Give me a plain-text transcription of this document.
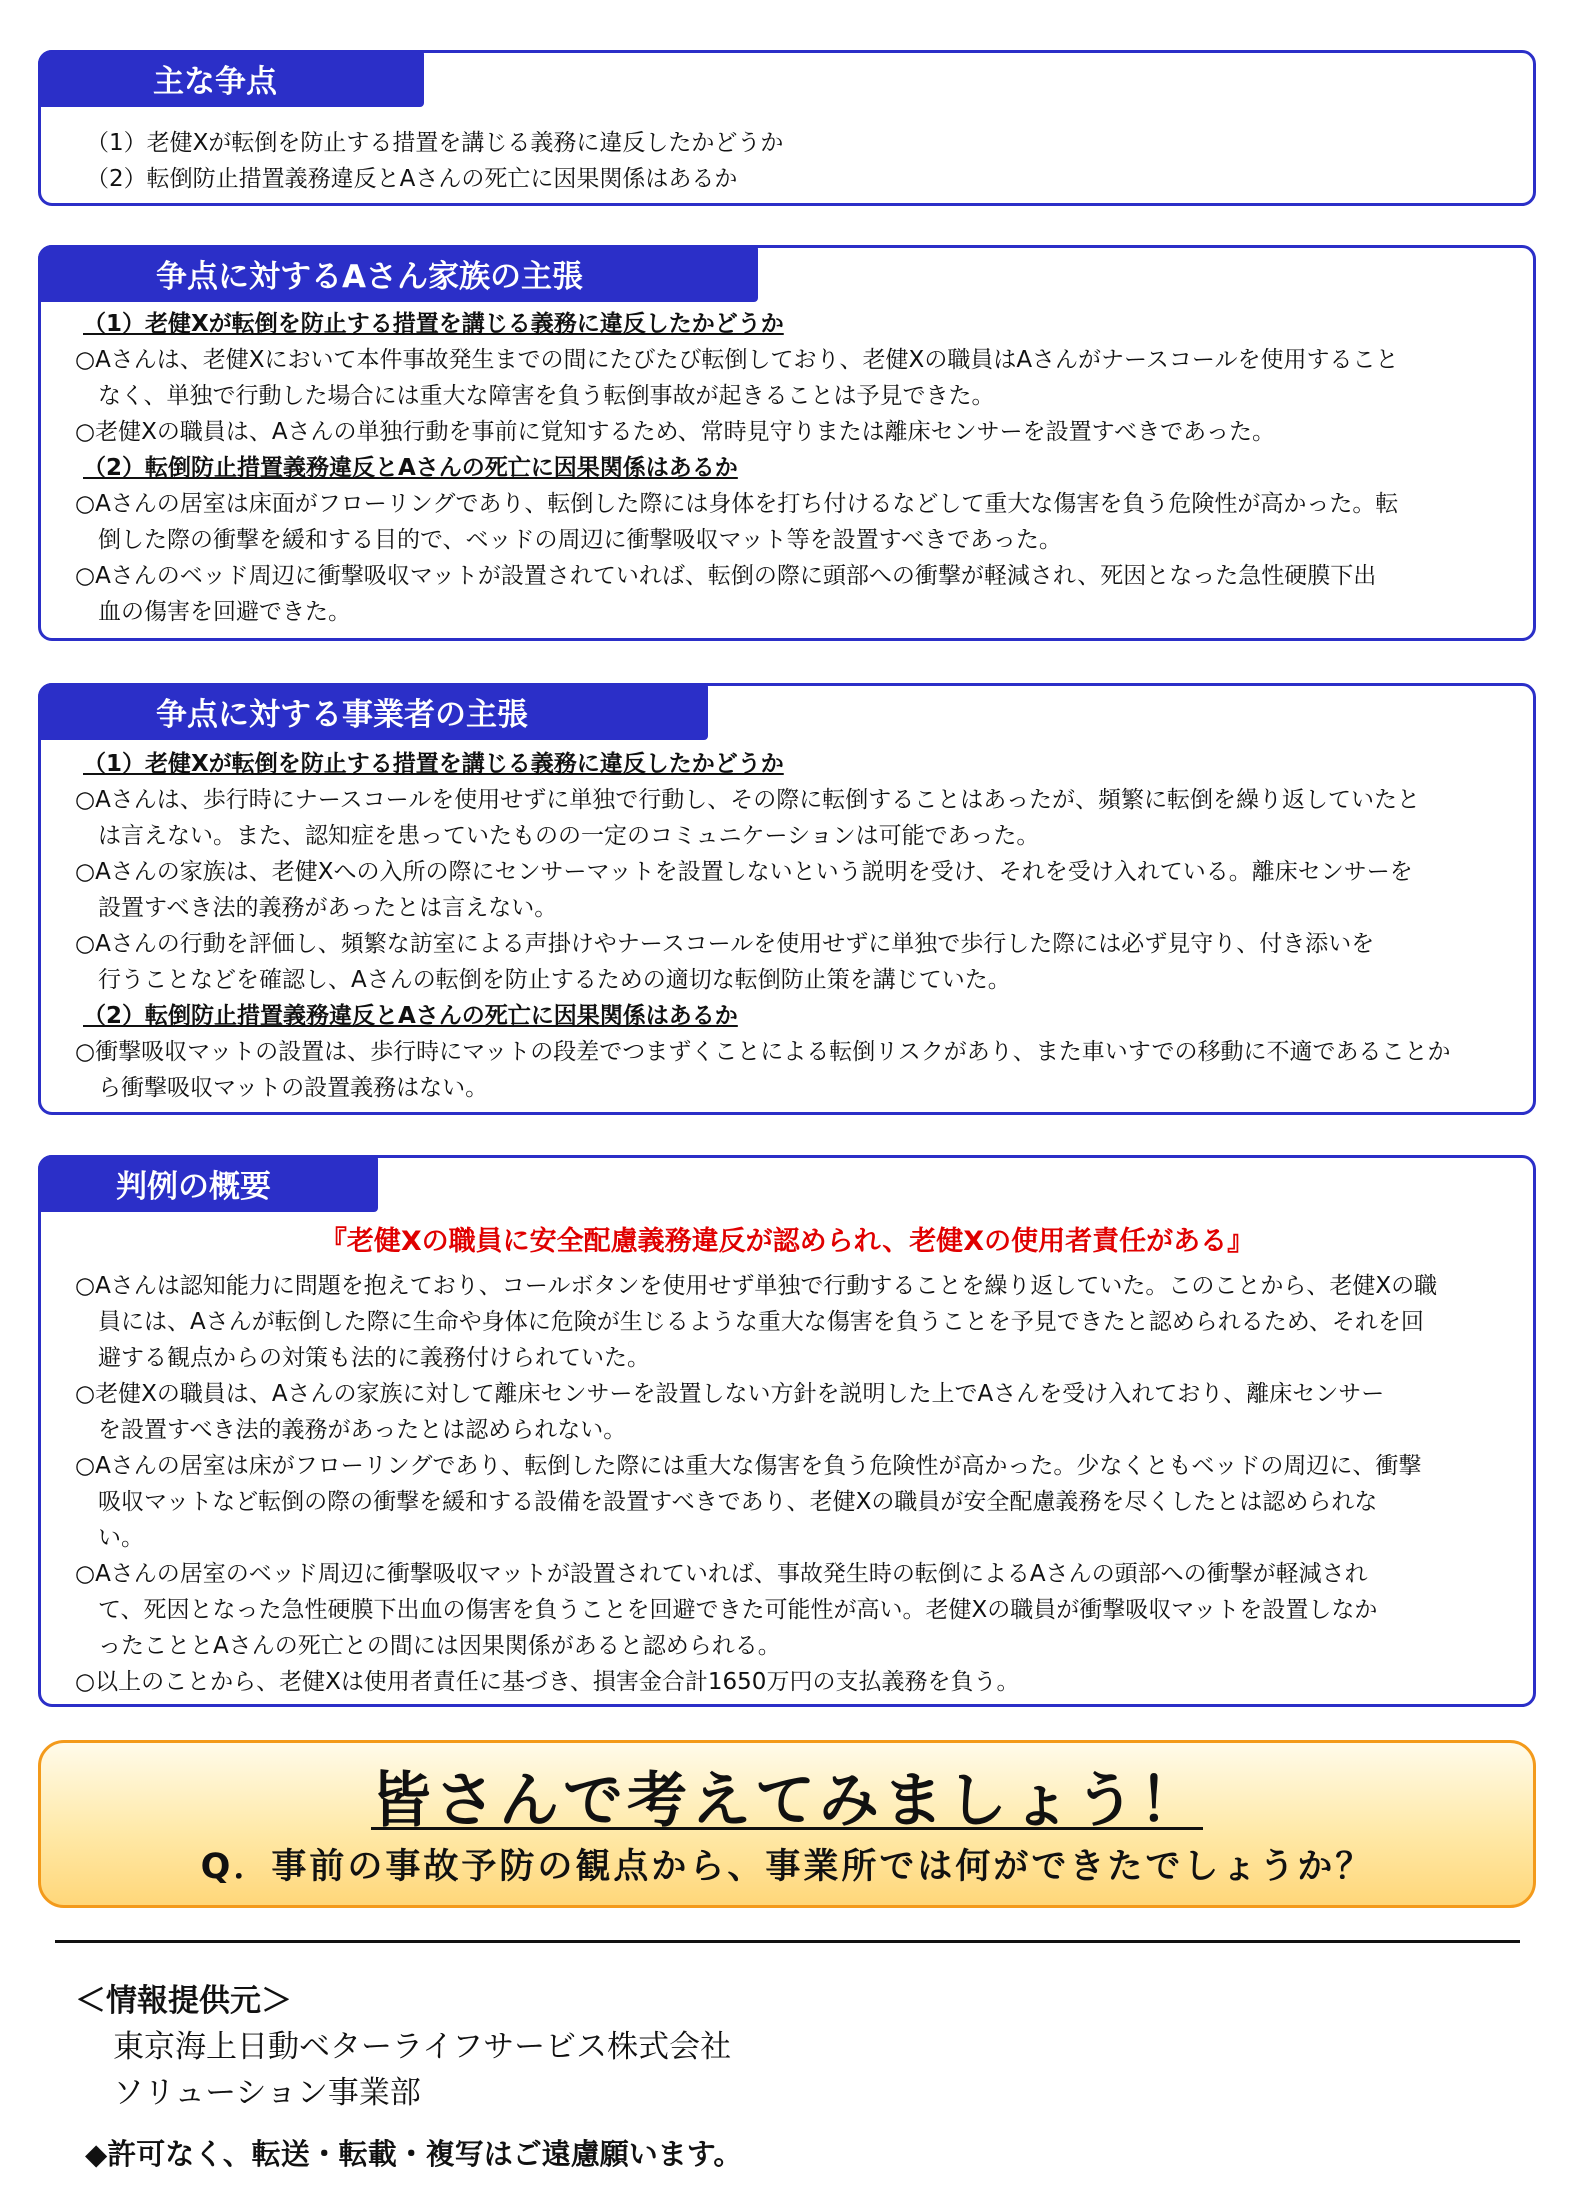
主な争点
（1）老健Xが転倒を防止する措置を講じる義務に違反したかどうか
（2）転倒防止措置義務違反とAさんの死亡に因果関係はあるか
争点に対するAさん家族の主張
（1）老健Xが転倒を防止する措置を講じる義務に違反したかどうか
○Aさんは、老健Xにおいて本件事故発生までの間にたびたび転倒しており、老健Xの職員はAさんがナースコールを使用すること
　なく、単独で行動した場合には重大な障害を負う転倒事故が起きることは予見できた。
○老健Xの職員は、Aさんの単独行動を事前に覚知するため、常時見守りまたは離床センサーを設置すべきであった。
（2）転倒防止措置義務違反とAさんの死亡に因果関係はあるか
○Aさんの居室は床面がフローリングであり、転倒した際には身体を打ち付けるなどして重大な傷害を負う危険性が高かった。転
　倒した際の衝撃を緩和する目的で、ベッドの周辺に衝撃吸収マット等を設置すべきであった。
○Aさんのベッド周辺に衝撃吸収マットが設置されていれば、転倒の際に頭部への衝撃が軽減され、死因となった急性硬膜下出
　血の傷害を回避できた。
争点に対する事業者の主張
（1）老健Xが転倒を防止する措置を講じる義務に違反したかどうか
○Aさんは、歩行時にナースコールを使用せずに単独で行動し、その際に転倒することはあったが、頻繁に転倒を繰り返していたと
　は言えない。また、認知症を患っていたものの一定のコミュニケーションは可能であった。
○Aさんの家族は、老健Xへの入所の際にセンサーマットを設置しないという説明を受け、それを受け入れている。離床センサーを
　設置すべき法的義務があったとは言えない。
○Aさんの行動を評価し、頻繁な訪室による声掛けやナースコールを使用せずに単独で歩行した際には必ず見守り、付き添いを
　行うことなどを確認し、Aさんの転倒を防止するための適切な転倒防止策を講じていた。
（2）転倒防止措置義務違反とAさんの死亡に因果関係はあるか
○衝撃吸収マットの設置は、歩行時にマットの段差でつまずくことによる転倒リスクがあり、また車いすでの移動に不適であることか
　ら衝撃吸収マットの設置義務はない。
判例の概要
『老健Xの職員に安全配慮義務違反が認められ、老健Xの使用者責任がある』
○Aさんは認知能力に問題を抱えており、コールボタンを使用せず単独で行動することを繰り返していた。このことから、老健Xの職
　員には、Aさんが転倒した際に生命や身体に危険が生じるような重大な傷害を負うことを予見できたと認められるため、それを回
　避する観点からの対策も法的に義務付けられていた。
○老健Xの職員は、Aさんの家族に対して離床センサーを設置しない方針を説明した上でAさんを受け入れており、離床センサー
　を設置すべき法的義務があったとは認められない。
○Aさんの居室は床がフローリングであり、転倒した際には重大な傷害を負う危険性が高かった。少なくともベッドの周辺に、衝撃
　吸収マットなど転倒の際の衝撃を緩和する設備を設置すべきであり、老健Xの職員が安全配慮義務を尽くしたとは認められな
　い。
○Aさんの居室のベッド周辺に衝撃吸収マットが設置されていれば、事故発生時の転倒によるAさんの頭部への衝撃が軽減され
　て、死因となった急性硬膜下出血の傷害を負うことを回避できた可能性が高い。老健Xの職員が衝撃吸収マットを設置しなか
　ったこととAさんの死亡との間には因果関係があると認められる。
○以上のことから、老健Xは使用者責任に基づき、損害金合計1650万円の支払義務を負う。
皆さんで考えてみましょう！
Q．事前の事故予防の観点から、事業所では何ができたでしょうか？
＜情報提供元＞
東京海上日動ベターライフサービス株式会社
ソリューション事業部
◆許可なく、転送・転載・複写はご遠慮願います。
